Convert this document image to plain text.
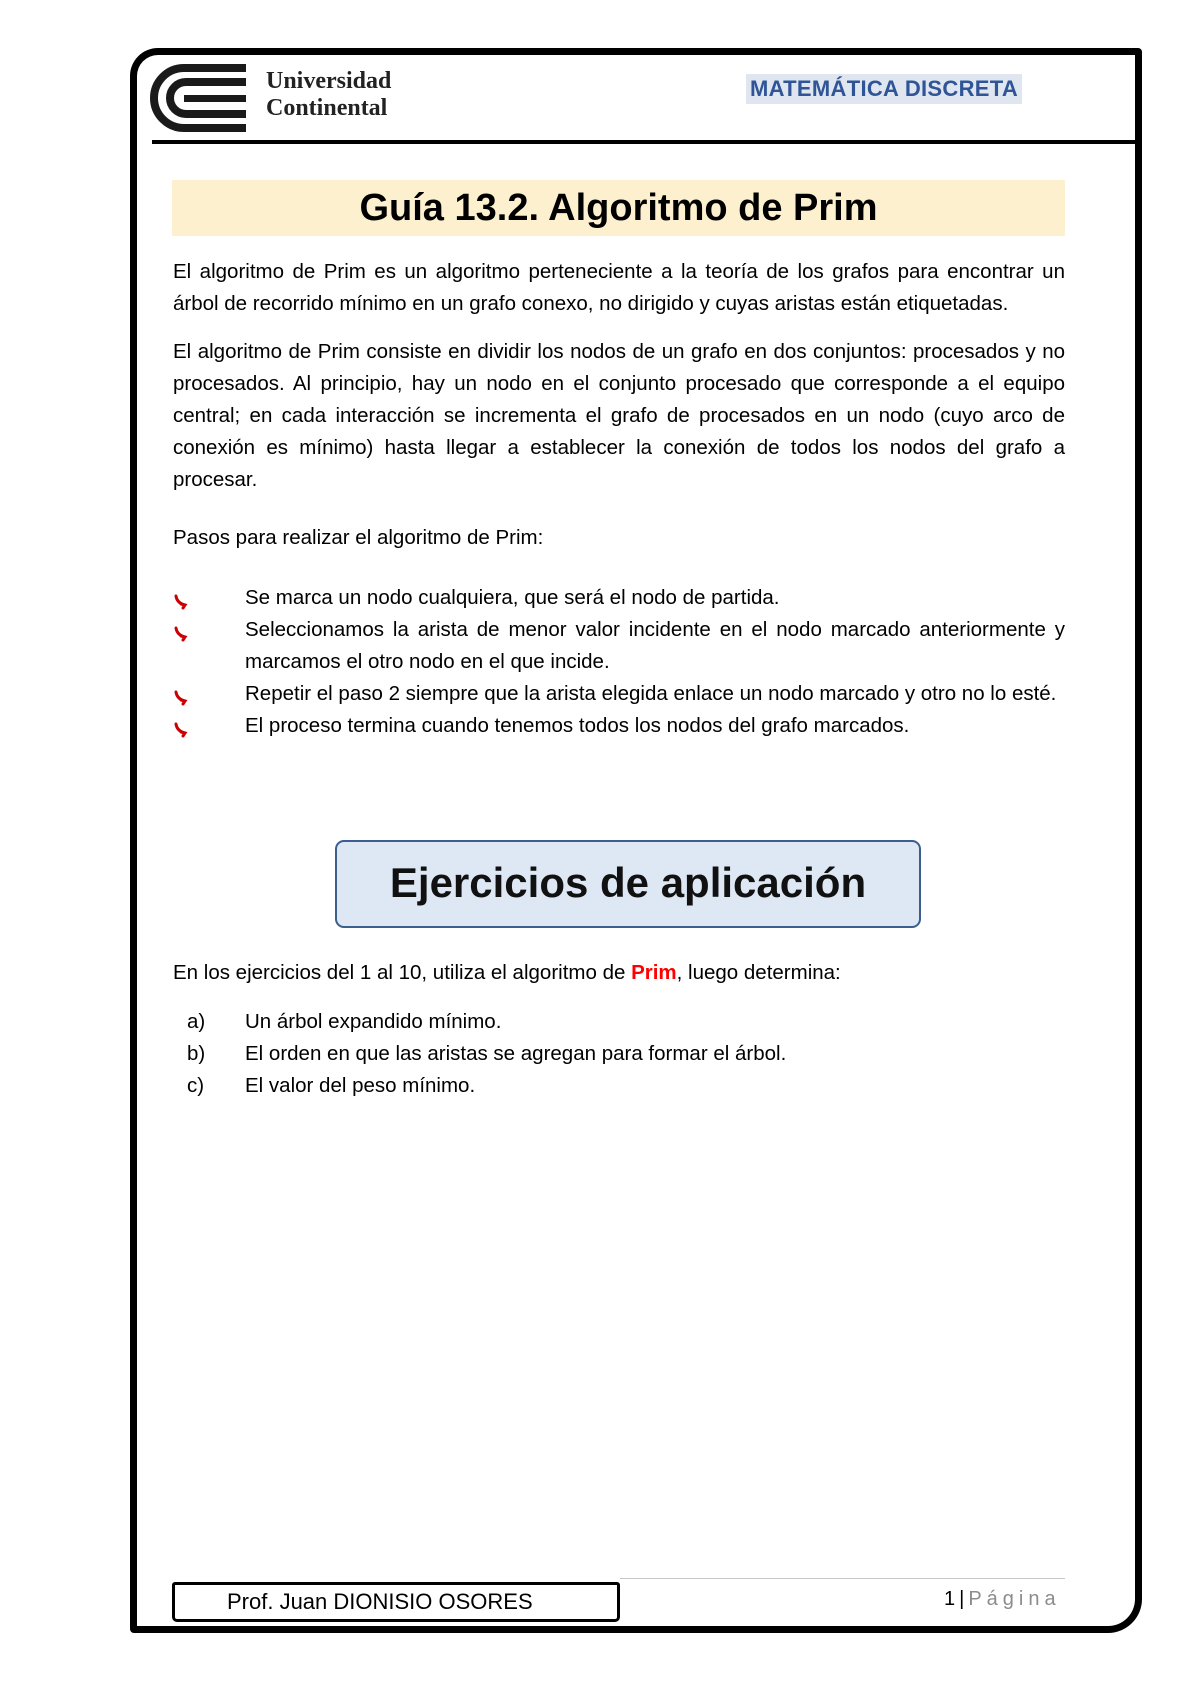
Universidad
Continental
MATEMÁTICA DISCRETA
Guía 13.2. Algoritmo de Prim

El algoritmo de Prim es un algoritmo perteneciente a la teoría de los grafos para encontrar un árbol de recorrido mínimo en un grafo conexo, no dirigido y cuyas aristas están etiquetadas.

El algoritmo de Prim consiste en dividir los nodos de un grafo en dos conjuntos: procesados y no procesados. Al principio, hay un nodo en el conjunto procesado que corresponde a el equipo central; en cada interacción se incrementa el grafo de procesados en un nodo (cuyo arco de conexión es mínimo) hasta llegar a establecer la conexión de todos los nodos del grafo a procesar.

Pasos para realizar el algoritmo de Prim:

Se marca un nodo cualquiera, que será el nodo de partida.
Seleccionamos la arista de menor valor incidente en el nodo marcado anteriormente y marcamos el otro nodo en el que incide.
Repetir el paso 2 siempre que la arista elegida enlace un nodo marcado y otro no lo esté.
El proceso termina cuando tenemos todos los nodos del grafo marcados.
Ejercicios de aplicación
En los ejercicios del 1 al 10, utiliza el algoritmo de Prim, luego determina:
a)	Un árbol expandido mínimo.
b)	El orden en que las aristas se agregan para formar el árbol.
c)	El valor del peso mínimo.
Prof. Juan DIONISIO OSORES	1 | Página
